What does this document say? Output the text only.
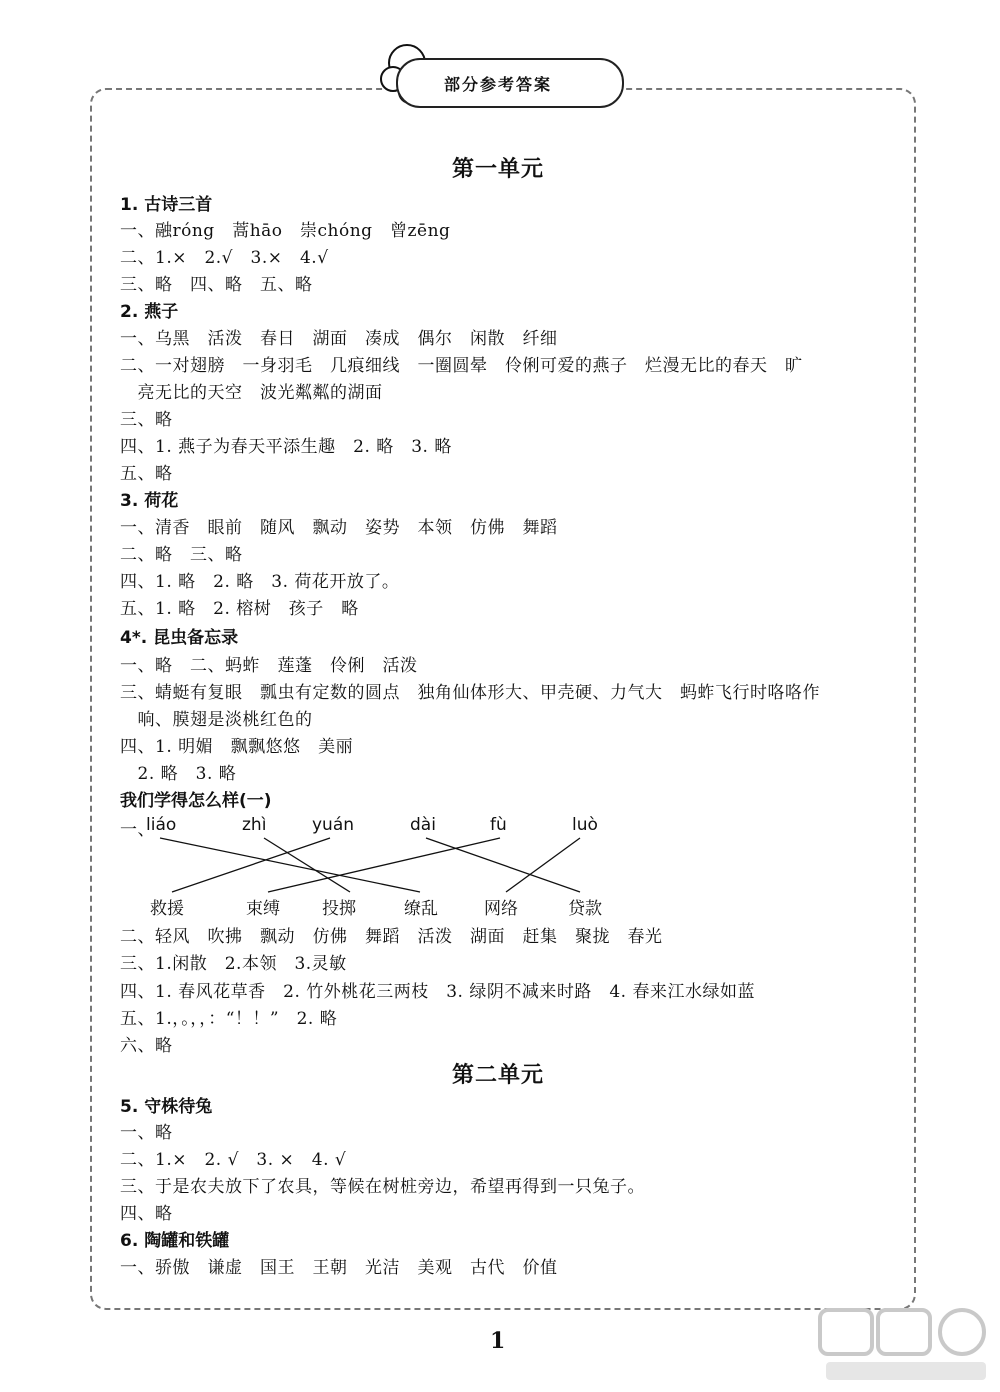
部分参考答案
第一单元
1. 古诗三首
一、融róng　蒿hāo　崇chóng　曾zēng
二、1.×　2.√　3.×　4.√
三、略　四、略　五、略
2. 燕子
一、乌黑　活泼　春日　湖面　凑成　偶尔　闲散　纤细
二、一对翅膀　一身羽毛　几痕细线　一圈圆晕　伶俐可爱的燕子　烂漫无比的春天　旷
　亮无比的天空　波光粼粼的湖面
三、略
四、1. 燕子为春天平添生趣　2. 略　3. 略
五、略
3. 荷花
一、清香　眼前　随风　飘动　姿势　本领　仿佛　舞蹈
二、略　三、略
四、1. 略　2. 略　3. 荷花开放了。
五、1. 略　2. 榕树　孩子　略
4*. 昆虫备忘录
一、略　二、蚂蚱　莲蓬　伶俐　活泼
三、蜻蜓有复眼　瓢虫有定数的圆点　独角仙体形大、甲壳硬、力气大　蚂蚱飞行时咯咯作
　响、膜翅是淡桃红色的
四、1. 明媚　飘飘悠悠　美丽
　2. 略　3. 略
我们学得怎么样(一)
一、
liáo	zhì	yuán	dài	fù	luò
救援	束缚 投掷	缭乱	网络	贷款
二、轻风　吹拂　飘动　仿佛　舞蹈　活泼　湖面　赶集　聚拢　春光
三、1.闲散　2.本领　3.灵敏
四、1. 春风花草香　2. 竹外桃花三两枝　3. 绿阴不减来时路　4. 春来江水绿如蓝
五、1.，。，，：“！！”　2. 略
六、略
第二单元
5. 守株待兔
一、略
二、1.×　2. √　3. ×　4. √
三、于是农夫放下了农具，等候在树桩旁边，希望再得到一只兔子。
四、略
6. 陶罐和铁罐
一、骄傲　谦虚　国王　王朝　光洁　美观　古代　价值
1
